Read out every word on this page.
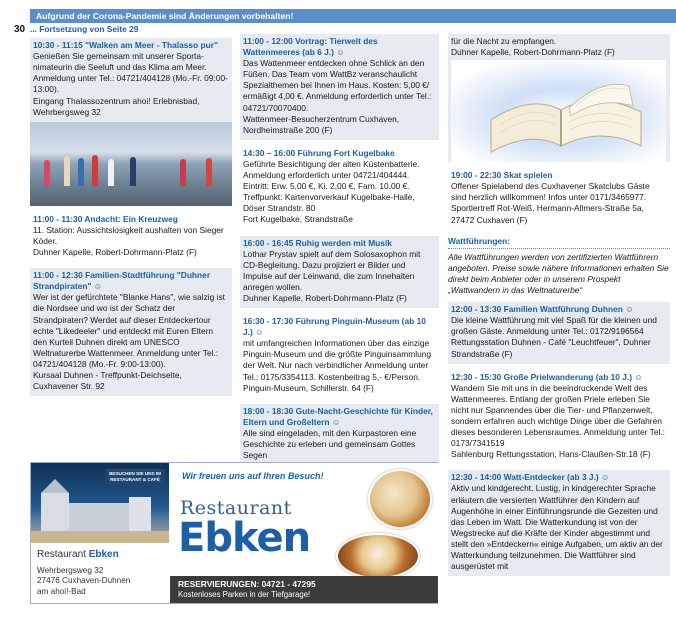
Aufgrund der Corona-Pandemie sind Änderungen vorbehalten!
30 ... Fortsetzung von Seite 29
10:30 - 11:15 "Walken am Meer - Thalasso pur"
Genießen Sie gemeinsam mit unserer Sporta-nimateurin die Seeluft und das Klima am Meer. Anmeldung unter Tel.: 04721/404128 (Mo.-Fr. 09:00-13:00).
Eingang Thalassozentrum ahoi! Erlebnisbad, Wehrbergsweg 32
11:00 - 11:30 Andacht: Ein Kreuzweg
11. Station: Aussichtslosigkeit aushalten von Sieger Köder.
Duhner Kapelle, Robert-Dohrmann-Platz (F)
11:00 - 12:30 Familien-Stadtführung "Duhner Strandpiraten" ☺
Wer ist der gefürchtete "Blanke Hans", wie salzig ist die Nordsee und wo ist der Schatz der Strandpiraten? Werdet auf dieser Entdeckertour echte "Likedeeler" und entdeckt mit Euren Eltern den Kurteil Duhnen direkt am UNESCO Weltnaturerbe Wattenmeer. Anmeldung unter Tel.: 04721/404128 (Mo.-Fr. 9:00-13:00).
Kursaal Duhnen - Treffpunkt-Deichseite, Cuxhavener Str. 92
11:00 - 12:00 Vortrag: Tierwelt des Wattenmeeres (ab 6 J.) ☺
Das Wattenmeer entdecken ohne Schlick an den Füßen. Das Team vom WattBz veranschaulicht Spezialthemen bei Ihnen im Haus. Kosten: 5,00 €/ ermäßigt 4,00 €. Anmeldung erforderlich unter Tel.: 04721/70070400.
Wattenmeer-Besucherzentrum Cuxhaven, Nordheimstraße 200 (F)
14:30 – 16:00 Führung Fort Kugelbake
Geführte Besichtigung der alten Küstenbatterie. Anmeldung erforderlich unter 04721/404444. Eintritt: Erw. 5,00 €, Ki. 2,00 €, Fam. 10,00 €. Treffpunkt: Kartenvorverkauf Kugelbake-Halle, Döser Strandstr. 80
Fort Kugelbake, Strandstraße
16:00 - 16:45 Ruhig werden mit Musik
Lothar Prystav spielt auf dem Solosaxophon mit CD-Begleitung. Dazu projiziert er Bilder und Impulse auf der Leinwand, die zum Innehalten anregen wollen.
Duhner Kapelle, Robert-Dohrmann-Platz (F)
16:30 - 17:30 Führung Pinguin-Museum (ab 10 J.) ☺
mit umfangreichen Informationen über das einzige Pinguin-Museum und die größte Pinguinsammlung der Welt. Nur nach verbindlicher Anmeldung unter Tel.: 0175/3354113. Kostenbeitrag 5,- €/Person.
Pinguin-Museum, Schillerstr. 64 (F)
18:00 - 18:30 Gute-Nacht-Geschichte für Kinder, Eltern und Großeltern ☺
Alle sind eingeladen, mit den Kurpastoren eine Geschichte zu erleben und gemeinsam Gottes Segen
für die Nacht zu empfangen.
Duhner Kapelle, Robert-Dohrmann-Platz (F)
19:00 - 22:30 Skat spielen
Offener Spielabend des Cuxhavener Skatclubs Gäste sind herzlich willkommen! Infos unter 0171/3465977.
Sportlertreff Rot-Weiß, Hermann-Allmers-Straße 5a, 27472 Cuxhaven (F)
Wattführungen:
Alle Wattführungen werden von zertifizierten Wattführern angeboten. Preise sowie nähere Informationen erhalten Sie direkt beim Anbieter oder in unserem Prospekt „Wattwandern in das Weltnaturerbe“
12:00 - 13:30 Familien Wattführung Duhnen ☺
Die kleine Wattführung mit viel Spaß für die kleinen und großen Gäste. Anmeldung unter Tel.: 0172/9196564
Rettungsstation Duhnen - Café "Leuchtfeuer", Duhner Strandstraße (F)
12:30 - 15:30 Große Prielwanderung (ab 10 J.) ☺
Wandern Sie mit uns in die beeindruckende Welt des Wattenmeeres. Entlang der großen Priele erleben Sie nicht nur Spannendes über die Tier- und Pflanzenwelt, sondern erfahren auch wichtige Dinge über die Gefahren dieses besonderen Lebensraumes. Anmeldung unter Tel.: 0173/7341519
Sahlenburg Rettungsstation, Hans-Claußen-Str.18 (F)
12:30 - 14:00 Watt-Entdecker (ab 3 J.) ☺
Aktiv und kindgerecht. Lustig, in kindgerechter Sprache erläutern die versierten Wattführer den Kindern auf Augenhöhe in einer Einführungsrunde die Gezeiten und das Leben im Watt. Die Watterkundung ist von der Wegstrecke auf die Kräfte der Kinder abgestimmt und stellt den »Entdeckern« einige Aufgaben, um aktiv an der Watterkundung teilzunehmen. Die Wattführer sind ausgerüstet mit
BESUCHEN SIE UNS IM RESTAURANT & CAFÉ
Restaurant Ebken
Wehrbergsweg 32
27476 Cuxhaven-Duhnen
am ahoi!-Bad
Wir freuen uns auf Ihren Besuch!
Restaurant
Ebken
RESERVIERUNGEN: 04721 - 47295
Kostenloses Parken in der Tiefgarage!
